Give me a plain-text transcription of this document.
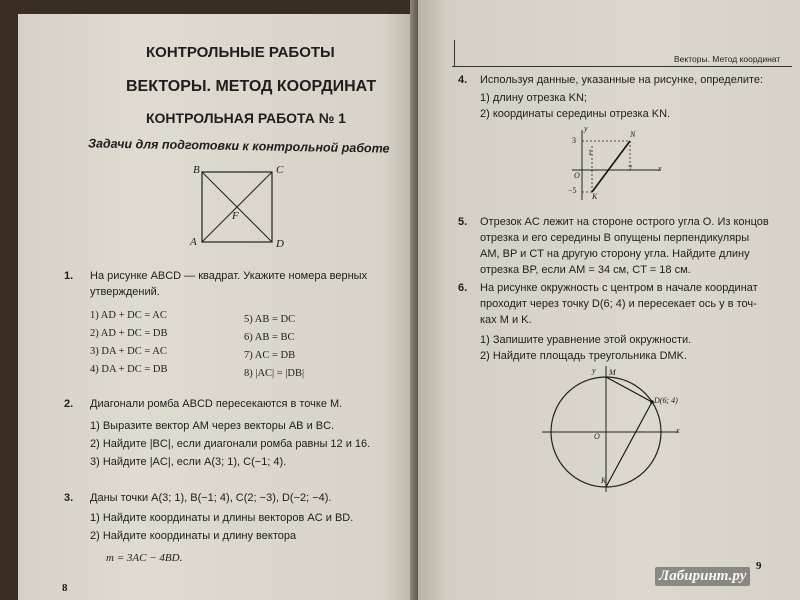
КОНТРОЛЬНЫЕ РАБОТЫ
ВЕКТОРЫ. МЕТОД КООРДИНАТ
КОНТРОЛЬНАЯ РАБОТА № 1
Задачи для подготовки к контрольной работе
B	C
A	D
F
1. На рисунке ABCD — квадрат. Укажите номера верных
утверждений.
1) AD + DC = AC
2) AD + DC = DB
3) DA + DC = AC
4) DA + DC = DB
5) AB = DC
6) AB = BC
7) AC = DB
8) |AC| = |DB|
2. Диагонали ромба ABCD пересекаются в точке M.
1) Выразите вектор AM через векторы AB и BC.
2) Найдите |BC|, если диагонали ромба равны 12 и 16.
3) Найдите |AC|, если A(3; 1), C(−1; 4).
3. Даны точки A(3; 1), B(−1; 4), C(2; −3), D(−2; −4).
1) Найдите координаты и длины векторов AC и BD.
2) Найдите координаты и длину вектора
m = 3AC − 4BD.
8
Векторы. Метод координат
4. Используя данные, указанные на рисунке, определите:
1) длину отрезка KN;
2) координаты середины отрезка KN.
y
x
N
K
O
3
1
−5
7
5. Отрезок AC лежит на стороне острого угла O. Из концов
отрезка и его середины B опущены перпендикуляры
AM, BP и CT на другую сторону угла. Найдите длину
отрезка BP, если AM = 34 см, CT = 18 см.
6. На рисунке окружность с центром в начале координат
проходит через точку D(6; 4) и пересекает ось y в точ-
ках M и K.
1) Запишите уравнение этой окружности.
2) Найдите площадь треугольника DMK.
y
x
M
K
O
D(6; 4)
9
Лабиринт.ру
